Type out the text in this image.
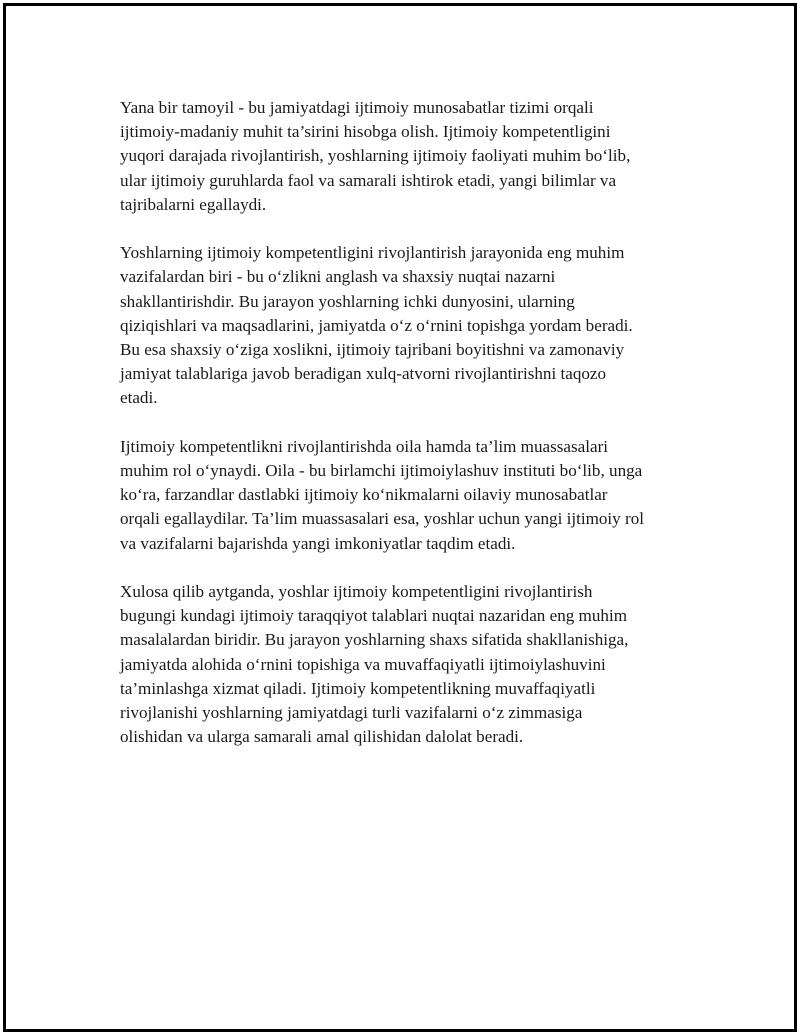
Yana bir tamoyil - bu jamiyatdagi ijtimoiy munosabatlar tizimi orqali
ijtimoiy-madaniy muhit ta’sirini hisobga olish. Ijtimoiy kompetentligini
yuqori darajada rivojlantirish, yoshlarning ijtimoiy faoliyati muhim bo‘lib,
ular ijtimoiy guruhlarda faol va samarali ishtirok etadi, yangi bilimlar va
tajribalarni egallaydi.

Yoshlarning ijtimoiy kompetentligini rivojlantirish jarayonida eng muhim
vazifalardan biri - bu o‘zlikni anglash va shaxsiy nuqtai nazarni
shakllantirishdir. Bu jarayon yoshlarning ichki dunyosini, ularning
qiziqishlari va maqsadlarini, jamiyatda o‘z o‘rnini topishga yordam beradi.
Bu esa shaxsiy o‘ziga xoslikni, ijtimoiy tajribani boyitishni va zamonaviy
jamiyat talablariga javob beradigan xulq-atvorni rivojlantirishni taqozo
etadi.

Ijtimoiy kompetentlikni rivojlantirishda oila hamda ta’lim muassasalari
muhim rol o‘ynaydi. Oila - bu birlamchi ijtimoiylashuv instituti bo‘lib, unga
ko‘ra, farzandlar dastlabki ijtimoiy ko‘nikmalarni oilaviy munosabatlar
orqali egallaydilar. Ta’lim muassasalari esa, yoshlar uchun yangi ijtimoiy rol
va vazifalarni bajarishda yangi imkoniyatlar taqdim etadi.

Xulosa qilib aytganda, yoshlar ijtimoiy kompetentligini rivojlantirish
bugungi kundagi ijtimoiy taraqqiyot talablari nuqtai nazaridan eng muhim
masalalardan biridir. Bu jarayon yoshlarning shaxs sifatida shakllanishiga,
jamiyatda alohida o‘rnini topishiga va muvaffaqiyatli ijtimoiylashuvini
ta’minlashga xizmat qiladi. Ijtimoiy kompetentlikning muvaffaqiyatli
rivojlanishi yoshlarning jamiyatdagi turli vazifalarni o‘z zimmasiga
olishidan va ularga samarali amal qilishidan dalolat beradi.
